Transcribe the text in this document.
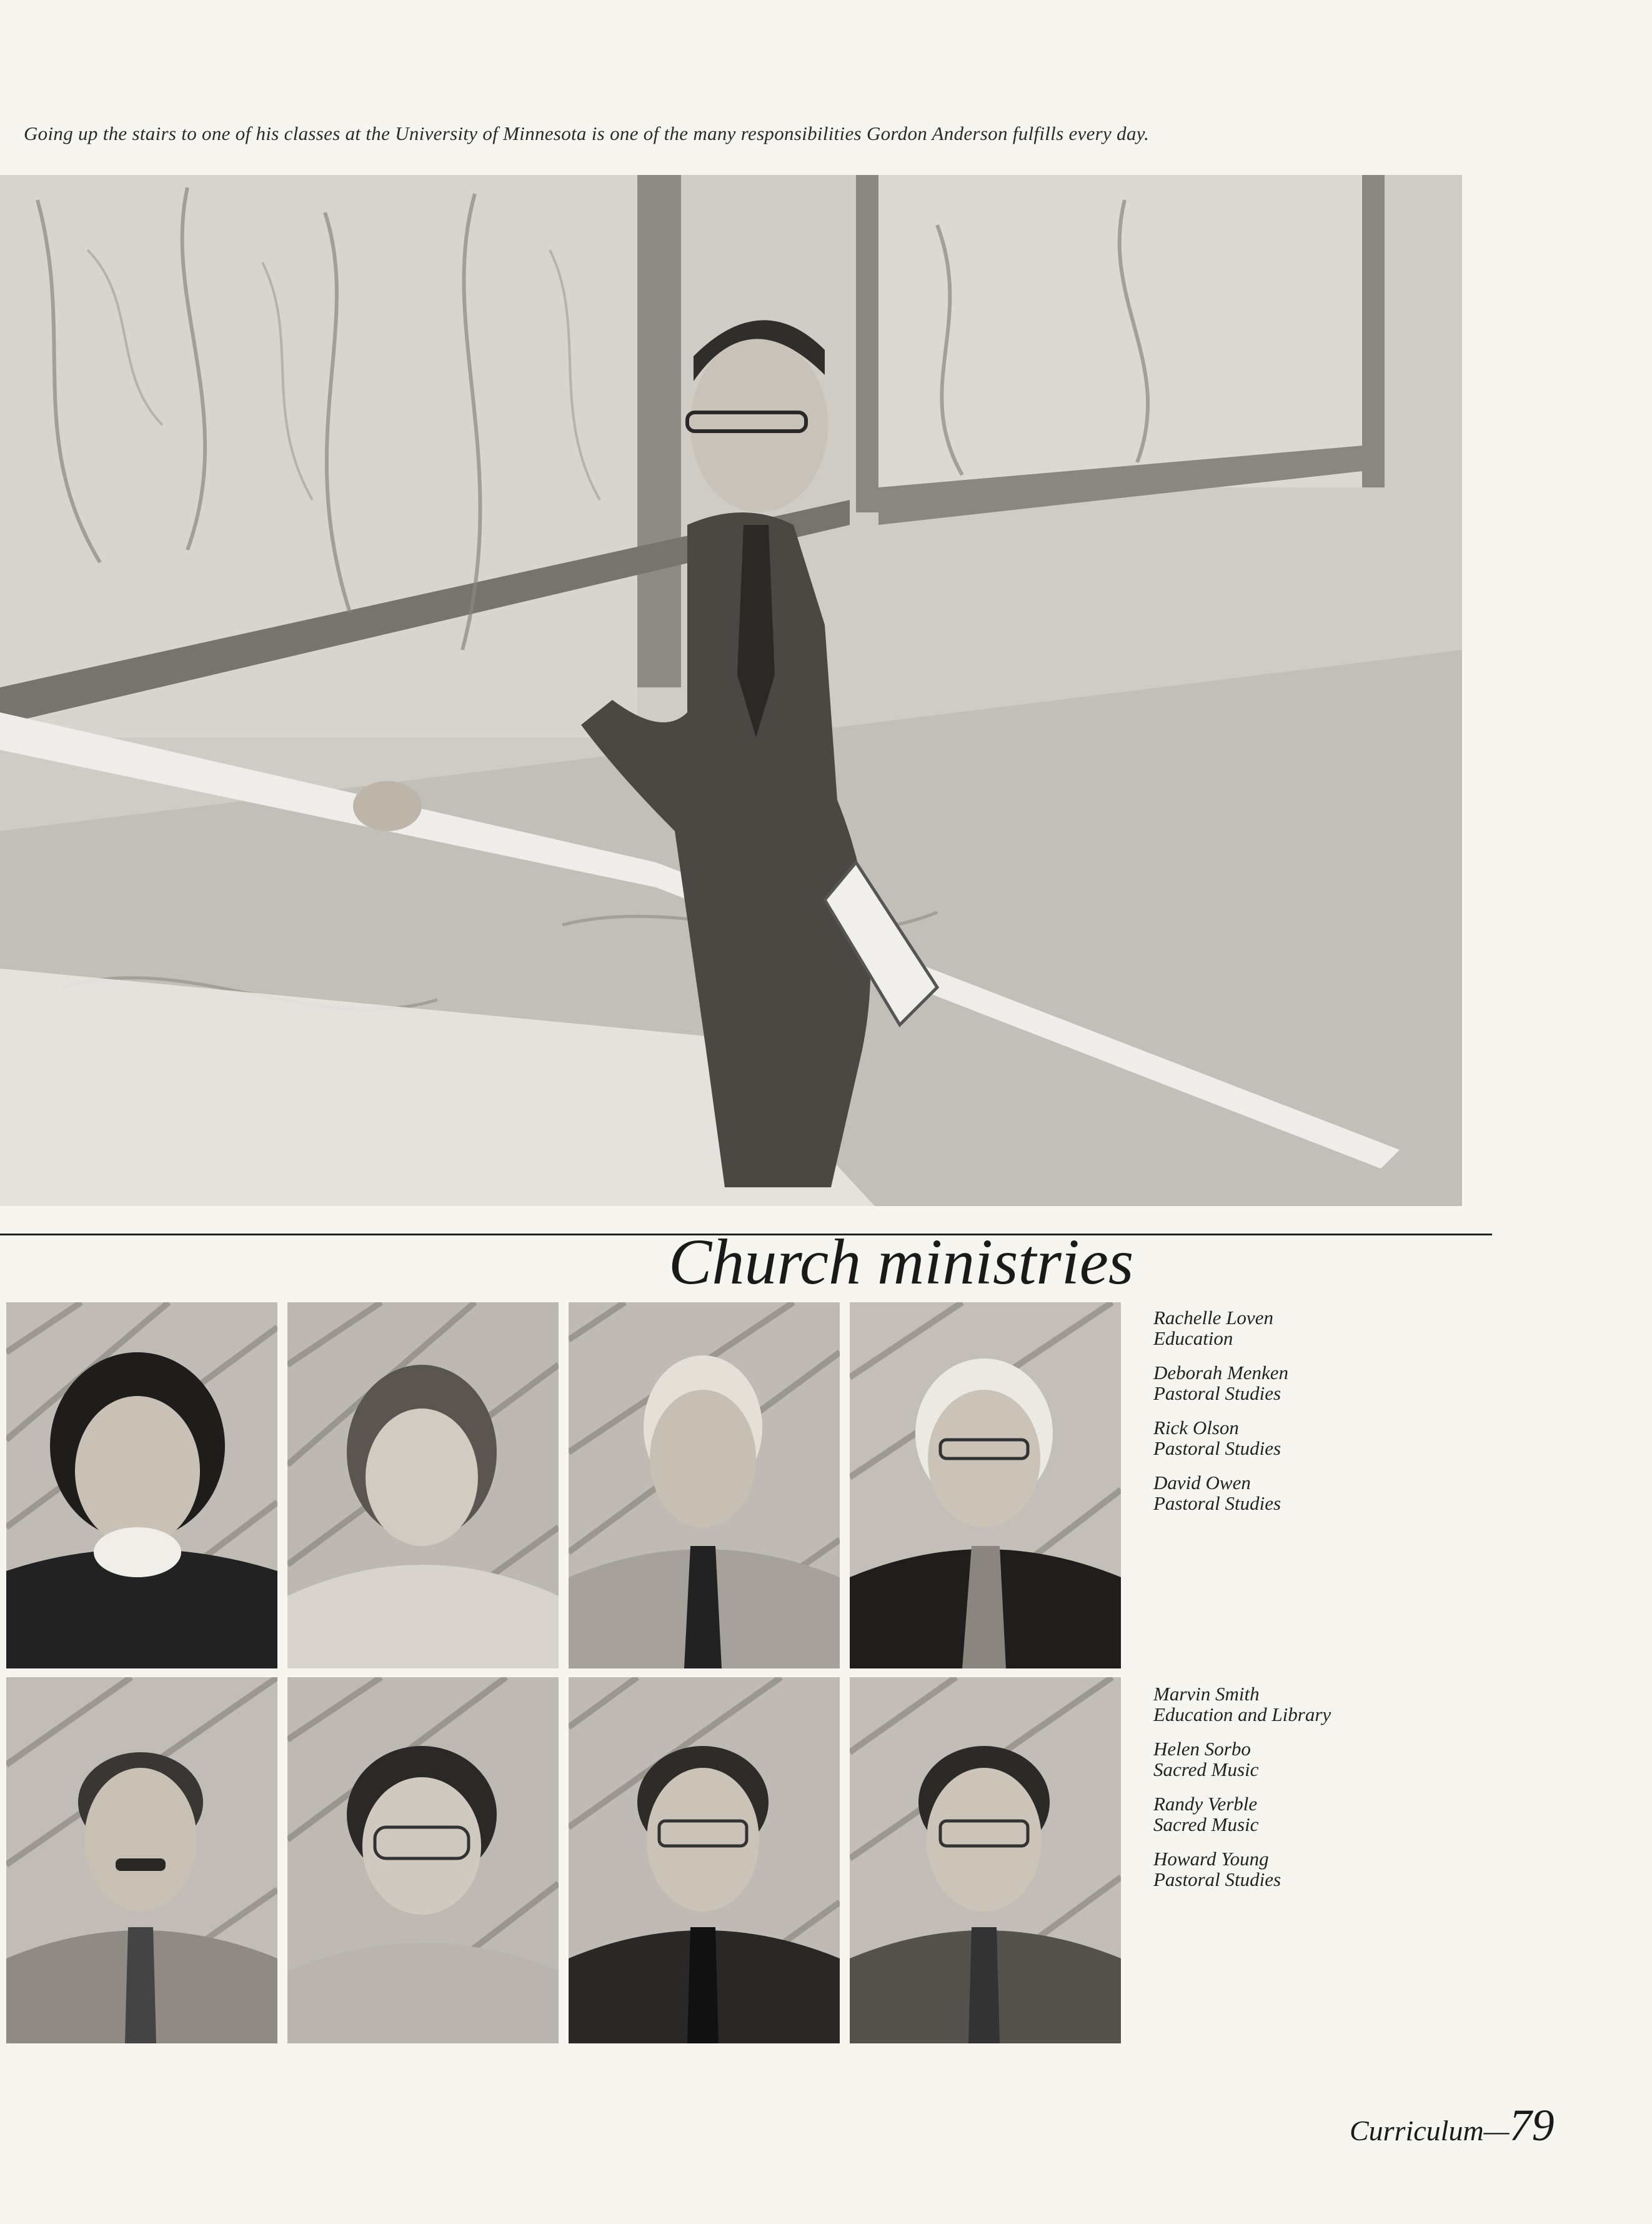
Going up the stairs to one of his classes at the University of Minnesota is one of the many responsibilities Gordon Anderson fulfills every day.
Church ministries
Rachelle Loven
Education
Deborah Menken
Pastoral Studies
Rick Olson
Pastoral Studies
David Owen
Pastoral Studies
Marvin Smith
Education and Library
Helen Sorbo
Sacred Music
Randy Verble
Sacred Music
Howard Young
Pastoral Studies
Curriculum—79
